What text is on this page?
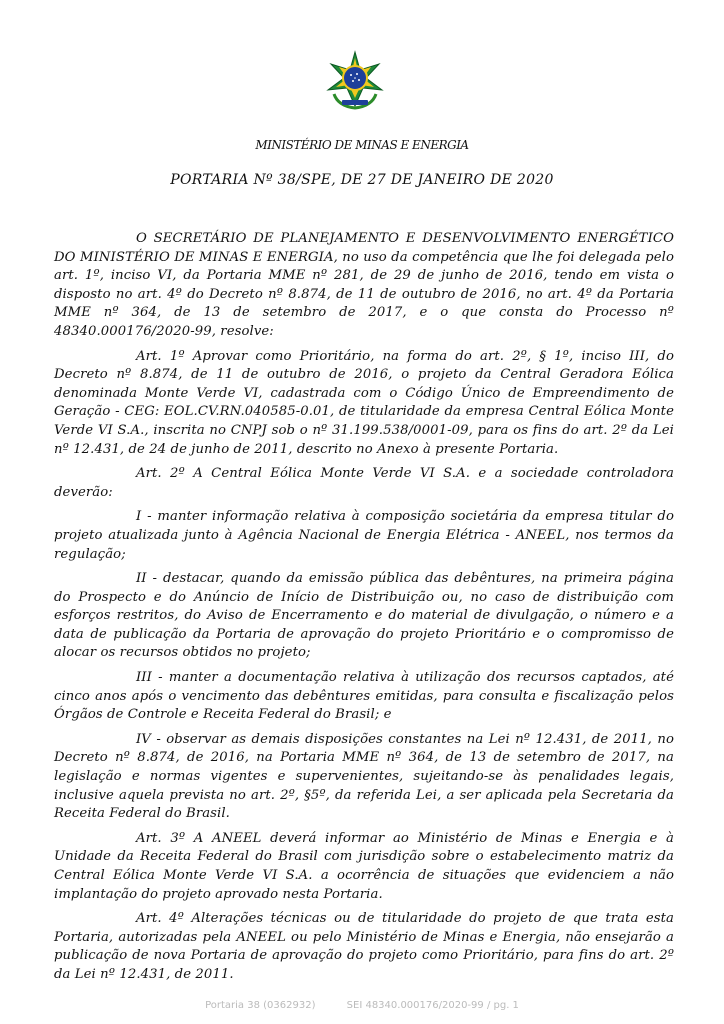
MINISTÉRIO DE MINAS E ENERGIA
PORTARIA Nº 38/SPE, DE 27 DE JANEIRO DE 2020

O SECRETÁRIO DE PLANEJAMENTO E DESENVOLVIMENTO ENERGÉTICO DO MINISTÉRIO DE MINAS E ENERGIA, no uso da competência que lhe foi delegada pelo art. 1º, inciso VI, da Portaria MME nº 281, de 29 de junho de 2016, tendo em vista o disposto no art. 4º do Decreto nº 8.874, de 11 de outubro de 2016, no art. 4º da Portaria MME nº 364, de 13 de setembro de 2017, e o que consta do Processo nº 48340.000176/2020-99, resolve:

Art. 1º Aprovar como Prioritário, na forma do art. 2º, § 1º, inciso III, do Decreto nº 8.874, de 11 de outubro de 2016, o projeto da Central Geradora Eólica denominada Monte Verde VI, cadastrada com o Código Único de Empreendimento de Geração - CEG: EOL.CV.RN.040585-0.01, de titularidade da empresa Central Eólica Monte Verde VI S.A., inscrita no CNPJ sob o nº 31.199.538/0001-09, para os fins do art. 2º da Lei nº 12.431, de 24 de junho de 2011, descrito no Anexo à presente Portaria.

Art. 2º A Central Eólica Monte Verde VI S.A. e a sociedade controladora deverão:

I - manter informação relativa à composição societária da empresa titular do projeto atualizada junto à Agência Nacional de Energia Elétrica - ANEEL, nos termos da regulação;

II - destacar, quando da emissão pública das debêntures, na primeira página do Prospecto e do Anúncio de Início de Distribuição ou, no caso de distribuição com esforços restritos, do Aviso de Encerramento e do material de divulgação, o número e a data de publicação da Portaria de aprovação do projeto Prioritário e o compromisso de alocar os recursos obtidos no projeto;

III - manter a documentação relativa à utilização dos recursos captados, até cinco anos após o vencimento das debêntures emitidas, para consulta e fiscalização pelos Órgãos de Controle e Receita Federal do Brasil; e

IV - observar as demais disposições constantes na Lei nº 12.431, de 2011, no Decreto nº 8.874, de 2016, na Portaria MME nº 364, de 13 de setembro de 2017, na legislação e normas vigentes e supervenientes, sujeitando-se às penalidades legais, inclusive aquela prevista no art. 2º, §5º, da referida Lei, a ser aplicada pela Secretaria da Receita Federal do Brasil.

Art. 3º A ANEEL deverá informar ao Ministério de Minas e Energia e à Unidade da Receita Federal do Brasil com jurisdição sobre o estabelecimento matriz da Central Eólica Monte Verde VI S.A. a ocorrência de situações que evidenciem a não implantação do projeto aprovado nesta Portaria.

Art. 4º Alterações técnicas ou de titularidade do projeto de que trata esta Portaria, autorizadas pela ANEEL ou pelo Ministério de Minas e Energia, não ensejarão a publicação de nova Portaria de aprovação do projeto como Prioritário, para fins do art. 2º da Lei nº 12.431, de 2011.

Portaria 38 (0362932)	SEI 48340.000176/2020-99 / pg. 1
